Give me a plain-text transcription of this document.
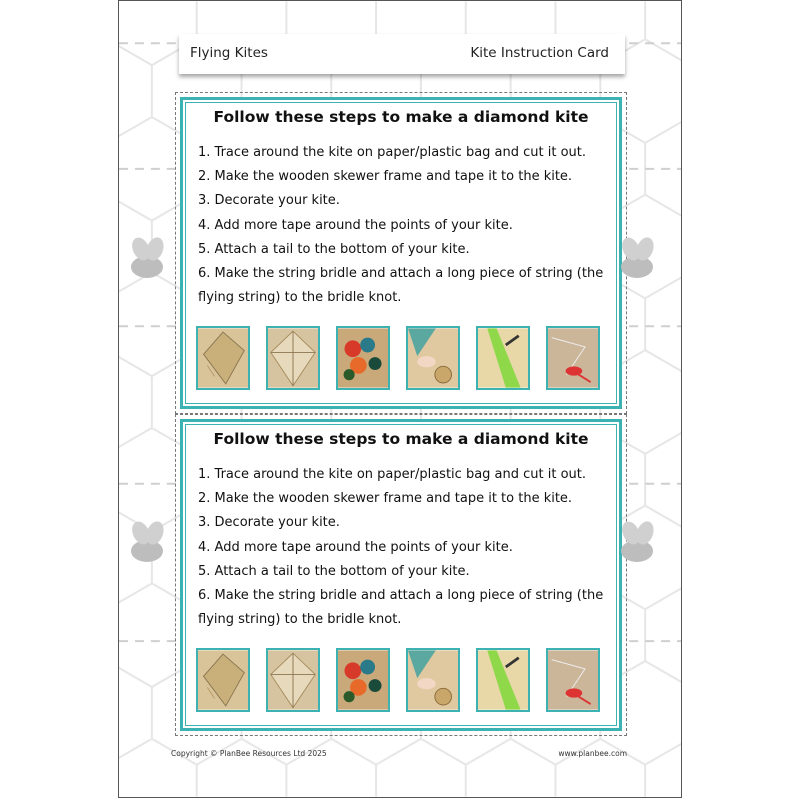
Flying Kites	Kite Instruction Card
Follow these steps to make a diamond kite
1. Trace around the kite on paper/plastic bag and cut it out.
2. Make the wooden skewer frame and tape it to the kite.
3. Decorate your kite.
4. Add more tape around the points of your kite.
5. Attach a tail to the bottom of your kite.
6. Make the string bridle and attach a long piece of string (the
flying string) to the bridle knot.
Follow these steps to make a diamond kite
1. Trace around the kite on paper/plastic bag and cut it out.
2. Make the wooden skewer frame and tape it to the kite.
3. Decorate your kite.
4. Add more tape around the points of your kite.
5. Attach a tail to the bottom of your kite.
6. Make the string bridle and attach a long piece of string (the
flying string) to the bridle knot.
Copyright © PlanBee Resources Ltd 2025	www.planbee.com
